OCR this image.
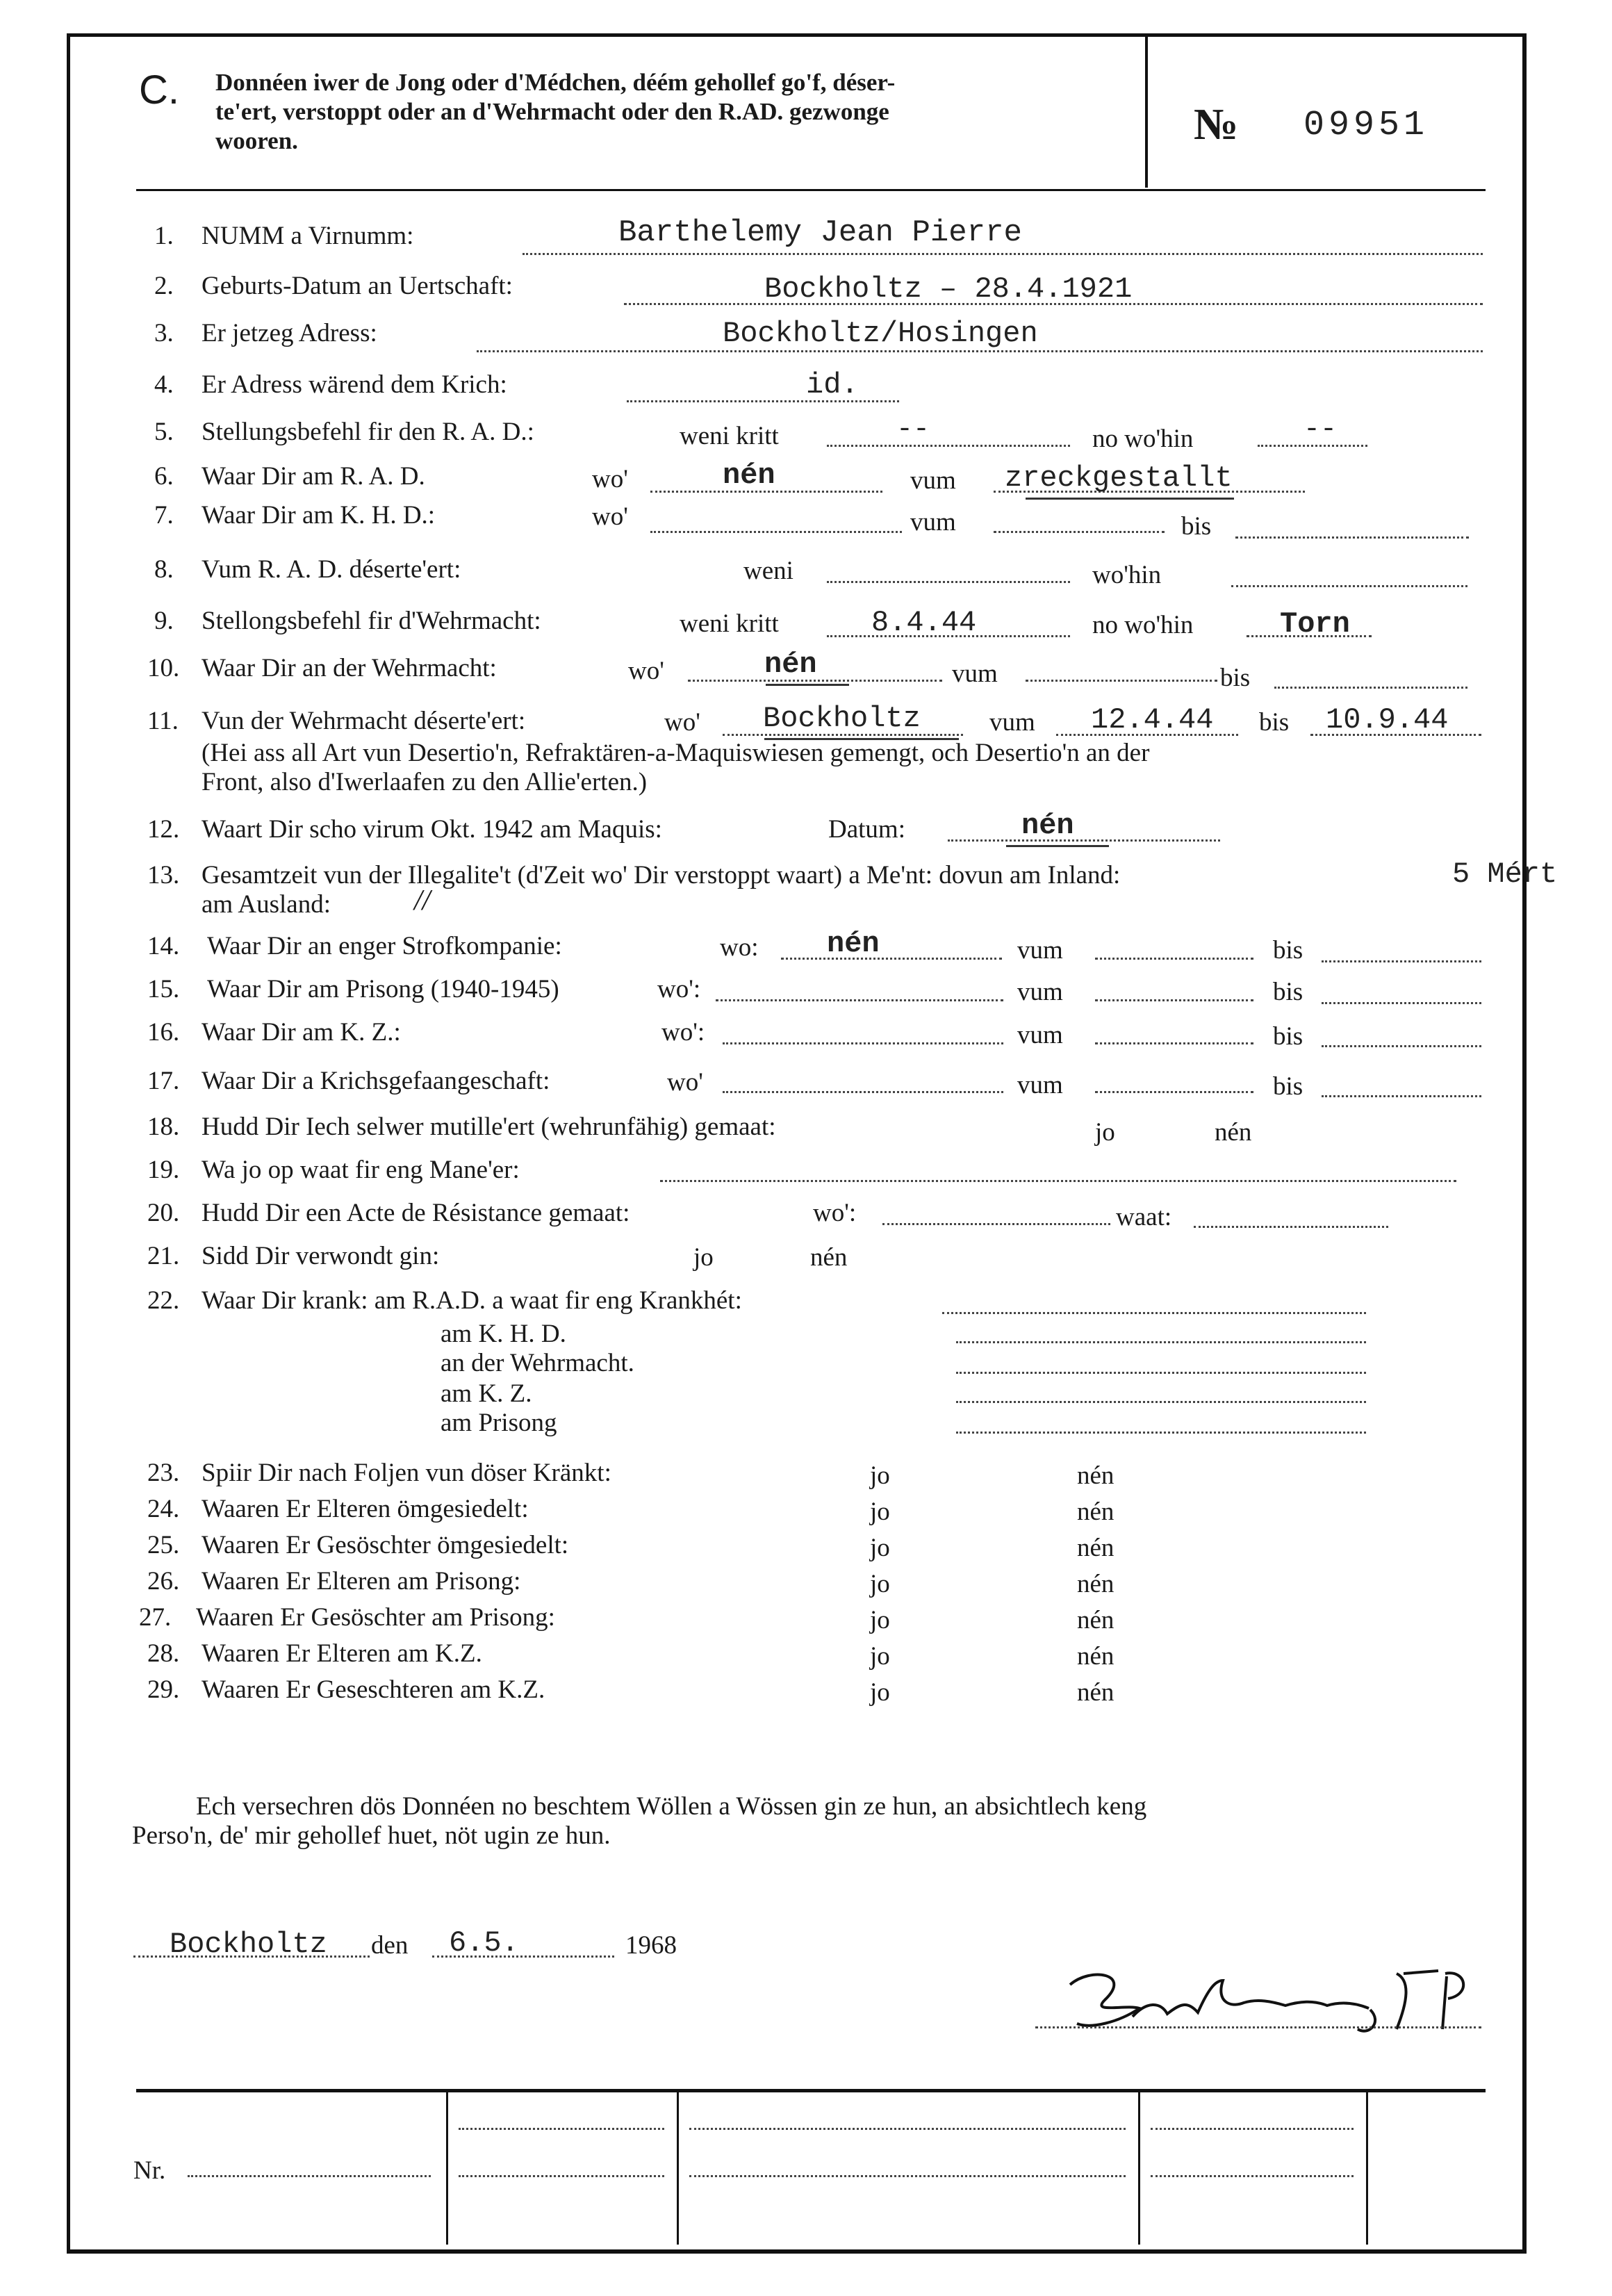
C. Donnéen iwer de Jong oder d'Médchen, déém gehollef go'f, déser-
te'ert, verstoppt oder an d'Wehrmacht oder den R.AD. gezwonge
wooren.	№ 09951
1. NUMM a Virnumm:	Barthelemy Jean Pierre
2. Geburts-Datum an Uertschaft:	Bockholtz – 28.4.1921
3. Er jetzeg Adress:	Bockholtz/Hosingen
4. Er Adress wärend dem Krich:	id.
5. Stellungsbefehl fir den R. A. D.:	weni kritt	--	no wo'hin	--
6. Waar Dir am R. A. D.	wo'	nén	vum zreckgestallt
7. Waar Dir am K. H. D.:	wo'	vum	bis
8. Vum R. A. D. déserte'ert:	weni	wo'hin
9. Stellongsbefehl fir d'Wehrmacht:	weni kritt	8.4.44	no wo'hin	Torn
10. Waar Dir an der Wehrmacht:	wo'	nén	vum	bis
11. Vun der Wehrmacht déserte'ert:	wo' Bockholtz	vum 12.4.44 bis 10.9.44
(Hei ass all Art vun Desertio'n, Refraktären-a-Maquiswiesen gemengt, och Desertio'n an der
Front, also d'Iwerlaafen zu den Allie'erten.)
12. Waart Dir scho virum Okt. 1942 am Maquis:	Datum:	nén
13. Gesamtzeit vun der Illegalite't (d'Zeit wo' Dir verstoppt waart) a Me'nt: dovun am Inland:	5 Mért
am Ausland:	//
14. Waar Dir an enger Strofkompanie:	wo: nén	vum	bis
15. Waar Dir am Prisong (1940-1945)	wo':	vum	bis
16. Waar Dir am K. Z.:	wo':	vum	bis
17. Waar Dir a Krichsgefaangeschaft:	wo'	vum	bis
18. Hudd Dir Iech selwer mutille'ert (wehrunfähig) gemaat:	jo	nén
19. Wa jo op waat fir eng Mane'er:
20. Hudd Dir een Acte de Résistance gemaat:	wo':	waat:
21. Sidd Dir verwondt gin:	jo	nén
22. Waar Dir krank: am R.A.D. a waat fir eng Krankhét:
am K. H. D.
an der Wehrmacht.
am K. Z.
am Prisong
23. Spiir Dir nach Foljen vun döser Kränkt:	jo	nén
24. Waaren Er Elteren ömgesiedelt:	jo	nén
25. Waaren Er Gesöschter ömgesiedelt:	jo	nén
26. Waaren Er Elteren am Prisong:	jo	nén
27. Waaren Er Gesöschter am Prisong:	jo	nén
28. Waaren Er Elteren am K.Z.	jo	nén
29. Waaren Er Geseschteren am K.Z.	jo	nén
Ech versechren dös Donnéen no beschtem Wöllen a Wössen gin ze hun, an absichtlech keng
Perso'n, de' mir gehollef huet, nöt ugin ze hun.
Bockholtz den 6.5.	1968
Nr.
